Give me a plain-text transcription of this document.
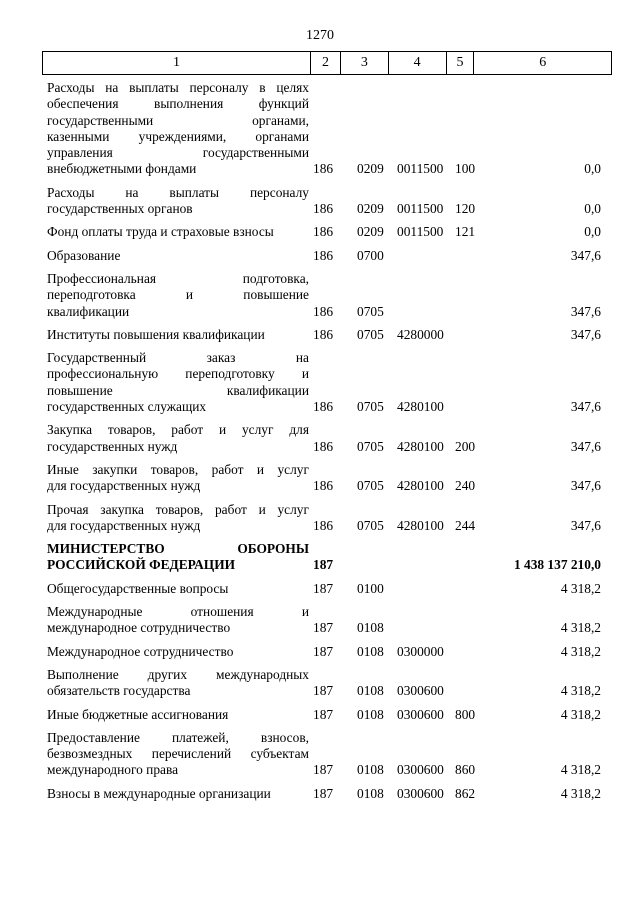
1270
1	2	3	4	5	6
Расходы на выплаты персоналу в целях
обеспечения выполнения функций
государственными органами,
казенными учреждениями, органами
управления государственными
внебюджетными фондами	186	0209 0011500 100	0,0
Расходы на выплаты персоналу
государственных органов	186	0209 0011500 120	0,0
Фонд оплаты труда и страховые взносы	186	0209 0011500 121	0,0
Образование	186	0700	347,6
Профессиональная подготовка,
переподготовка и повышение
квалификации	186	0705	347,6
Институты повышения квалификации	186	0705 4280000	347,6
Государственный заказ на
профессиональную переподготовку и
повышение квалификации
государственных служащих	186	0705 4280100	347,6
Закупка товаров, работ и услуг для
государственных нужд	186	0705 4280100 200	347,6
Иные закупки товаров, работ и услуг
для государственных нужд	186	0705 4280100 240	347,6
Прочая закупка товаров, работ и услуг
для государственных нужд	186	0705 4280100 244	347,6
МИНИСТЕРСТВО ОБОРОНЫ
РОССИЙСКОЙ ФЕДЕРАЦИИ	187	1 438 137 210,0
Общегосударственные вопросы	187	0100	4 318,2
Международные отношения и
международное сотрудничество	187	0108	4 318,2
Международное сотрудничество	187	0108 0300000	4 318,2
Выполнение других международных
обязательств государства	187	0108 0300600	4 318,2
Иные бюджетные ассигнования	187	0108 0300600 800	4 318,2
Предоставление платежей, взносов,
безвозмездных перечислений субъектам
международного права	187	0108 0300600 860	4 318,2
Взносы в международные организации	187	0108 0300600 862	4 318,2
